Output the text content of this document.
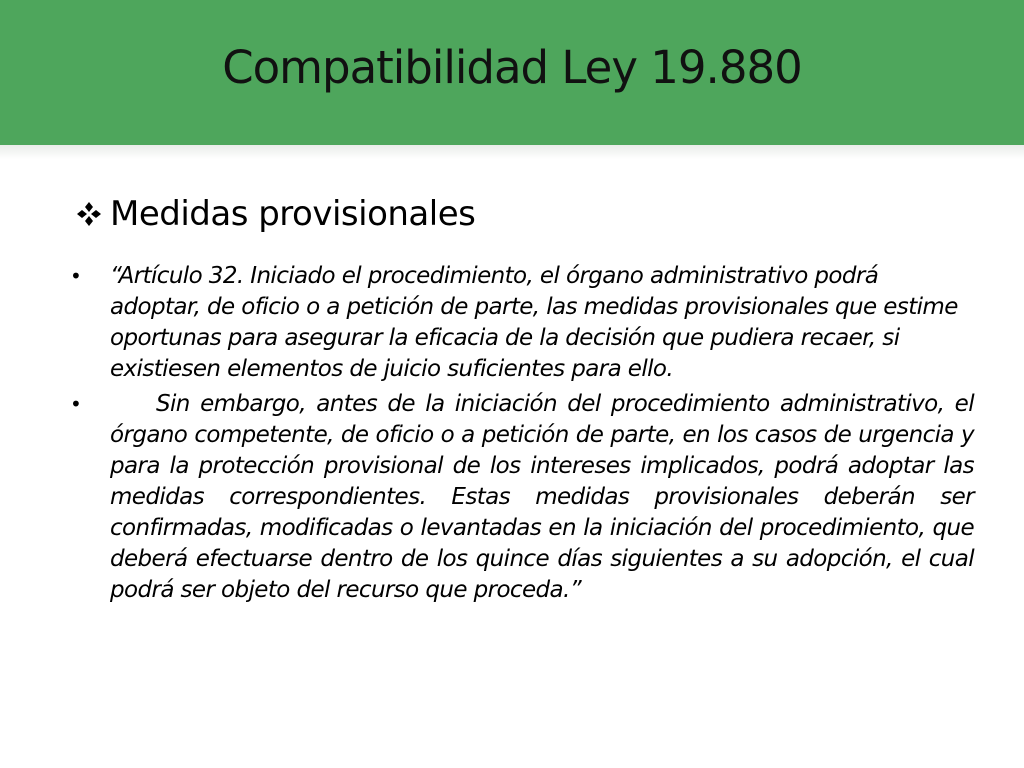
Compatibilidad Ley 19.880
Medidas provisionales
• “Artículo 32. Iniciado el procedimiento, el órgano administrativo podrá adoptar, de oficio o a petición de parte, las medidas provisionales que estime oportunas para asegurar la eficacia de la decisión que pudiera recaer, si existiesen elementos de juicio suficientes para ello.
•	Sin embargo, antes de la iniciación del procedimiento administrativo, el órgano competente, de oficio o a petición de parte, en los casos de urgencia y para la protección provisional de los intereses implicados, podrá adoptar las medidas correspondientes. Estas medidas provisionales deberán ser confirmadas, modificadas o levantadas en la iniciación del procedimiento, que deberá efectuarse dentro de los quince días siguientes a su adopción, el cual podrá ser objeto del recurso que proceda.”
